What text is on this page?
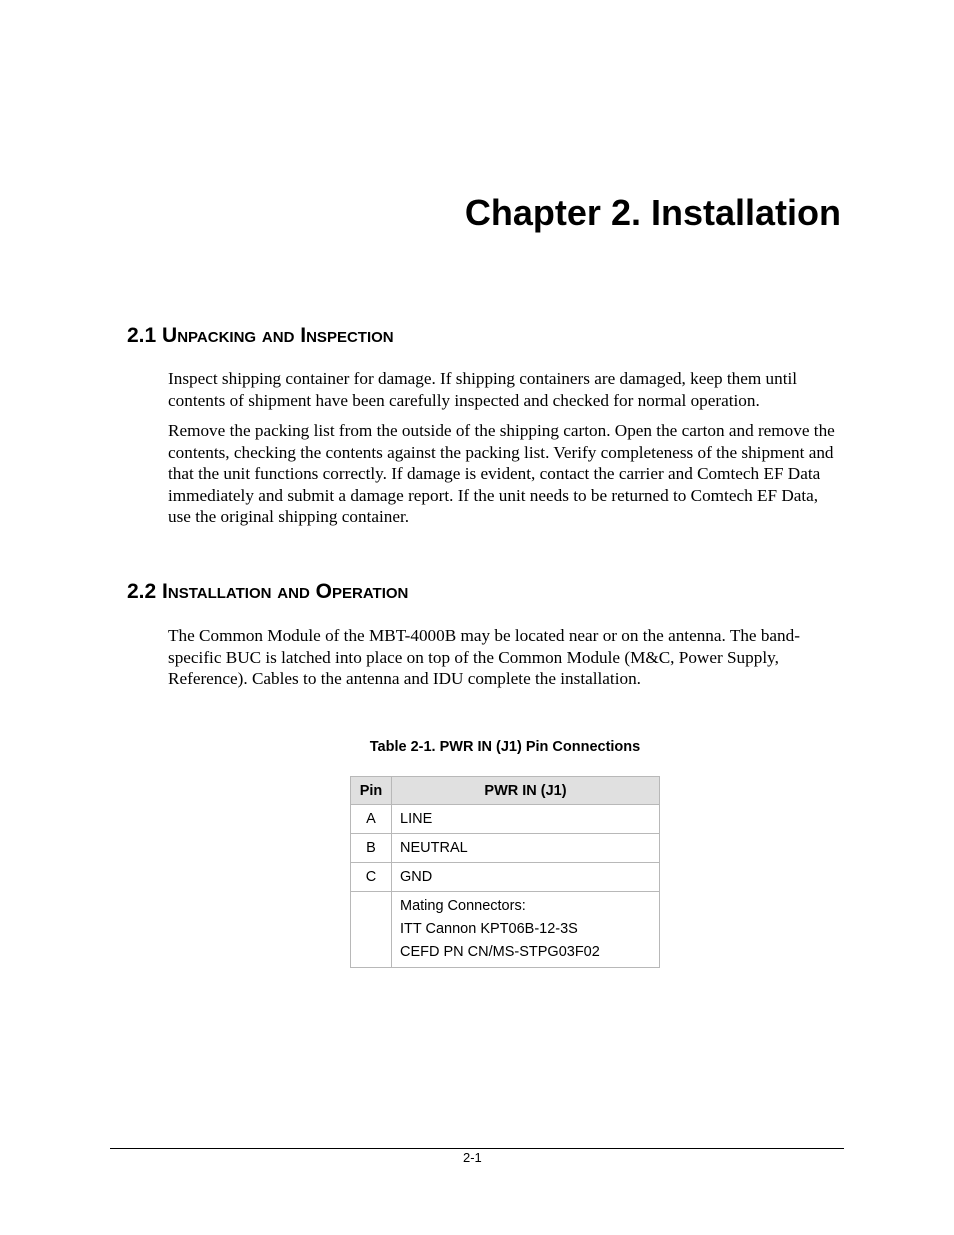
Chapter 2. Installation
2.1 Unpacking and Inspection

Inspect shipping container for damage. If shipping containers are damaged, keep them until contents of shipment have been carefully inspected and checked for normal operation.

Remove the packing list from the outside of the shipping carton. Open the carton and remove the contents, checking the contents against the packing list. Verify completeness of the shipment and that the unit functions correctly. If damage is evident, contact the carrier and Comtech EF Data immediately and submit a damage report. If the unit needs to be returned to Comtech EF Data, use the original shipping container.

2.2 Installation and Operation

The Common Module of the MBT-4000B may be located near or on the antenna. The band-specific BUC is latched into place on top of the Common Module (M&C, Power Supply, Reference). Cables to the antenna and IDU complete the installation.

Table 2-1. PWR IN (J1) Pin Connections

Pin	PWR IN (J1)
A	LINE
B	NEUTRAL
C	GND

	Mating Connectors:
ITT Cannon KPT06B-12-3S
CEFD PN CN/MS-STPG03F02
2-1
